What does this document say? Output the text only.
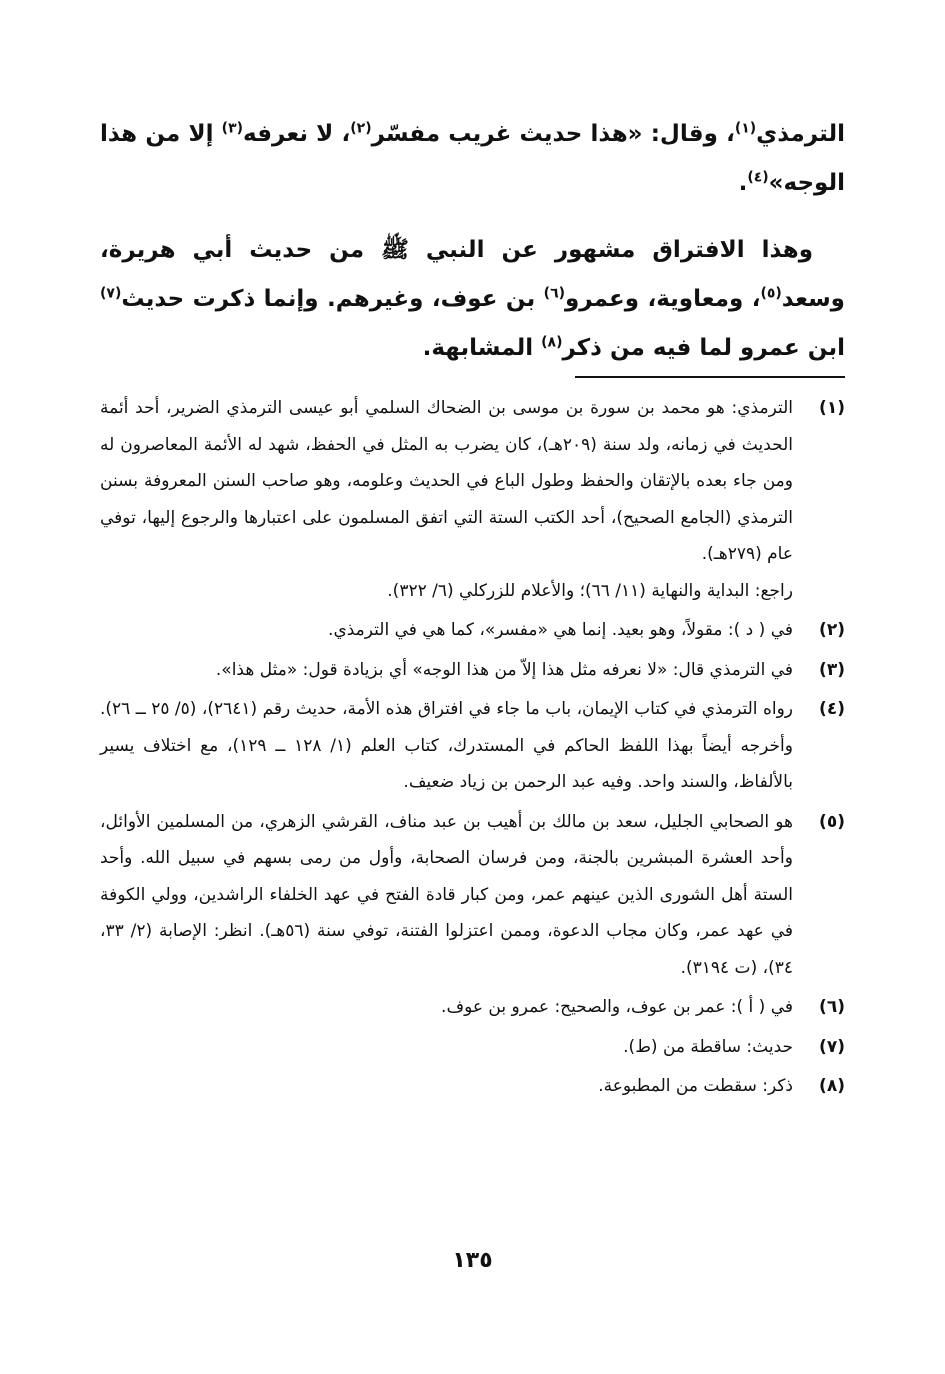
الترمذي$^{(١)}$، وقال: «هذا حديث غريب مفسّر$^{(٢)}$، لا نعرفه$^{(٣)}$ إلا من هذا الوجه»$^{(٤)}$.

وهذا الافتراق مشهور عن النبي ﷺ من حديث أبي هريرة، وسعد$^{(٥)}$، ومعاوية، وعمرو$^{(٦)}$ بن عوف، وغيرهم. وإنما ذكرت حديث$^{(٧)}$ ابن عمرو لما فيه من ذكر$^{(٨)}$ المشابهة.

(١)
الترمذي: هو محمد بن سورة بن موسى بن الضحاك السلمي أبو عيسى الترمذي الضرير، أحد أئمة الحديث في زمانه، ولد سنة (٢٠٩هـ)، كان يضرب به المثل في الحفظ، شهد له الأئمة المعاصرون له ومن جاء بعده بالإتقان والحفظ وطول الباع في الحديث وعلومه، وهو صاحب السنن المعروفة بسنن الترمذي (الجامع الصحيح)، أحد الكتب الستة التي اتفق المسلمون على اعتبارها والرجوع إليها، توفي عام (٢٧٩هـ).
راجع: البداية والنهاية (١١/ ٦٦)؛ والأعلام للزركلي (٦/ ٣٢٢).
(٢)
في ( د ): مقولاً، وهو بعيد. إنما هي «مفسر»، كما هي في الترمذي.
(٣)
في الترمذي قال: «لا نعرفه مثل هذا إلاّ من هذا الوجه» أي بزيادة قول: «مثل هذا».
(٤)
رواه الترمذي في كتاب الإيمان، باب ما جاء في افتراق هذه الأمة، حديث رقم (٢٦٤١)، (٥/ ٢٥ ــ ٢٦). وأخرجه أيضاً بهذا اللفظ الحاكم في المستدرك، كتاب العلم (١/ ١٢٨ ــ ١٢٩)، مع اختلاف يسير بالألفاظ، والسند واحد. وفيه عبد الرحمن بن زياد ضعيف.
(٥)
هو الصحابي الجليل، سعد بن مالك بن أهيب بن عبد مناف، القرشي الزهري، من المسلمين الأوائل، وأحد العشرة المبشرين بالجنة، ومن فرسان الصحابة، وأول من رمى بسهم في سبيل الله. وأحد الستة أهل الشورى الذين عينهم عمر، ومن كبار قادة الفتح في عهد الخلفاء الراشدين، وولي الكوفة في عهد عمر، وكان مجاب الدعوة، وممن اعتزلوا الفتنة، توفي سنة (٥٦هـ). انظر: الإصابة (٢/ ٣٣، ٣٤)، (ت ٣١٩٤).
(٦)
في ( أ ): عمر بن عوف، والصحيح: عمرو بن عوف.
(٧)
حديث: ساقطة من (ط).
(٨)
ذكر: سقطت من المطبوعة.
١٣٥
